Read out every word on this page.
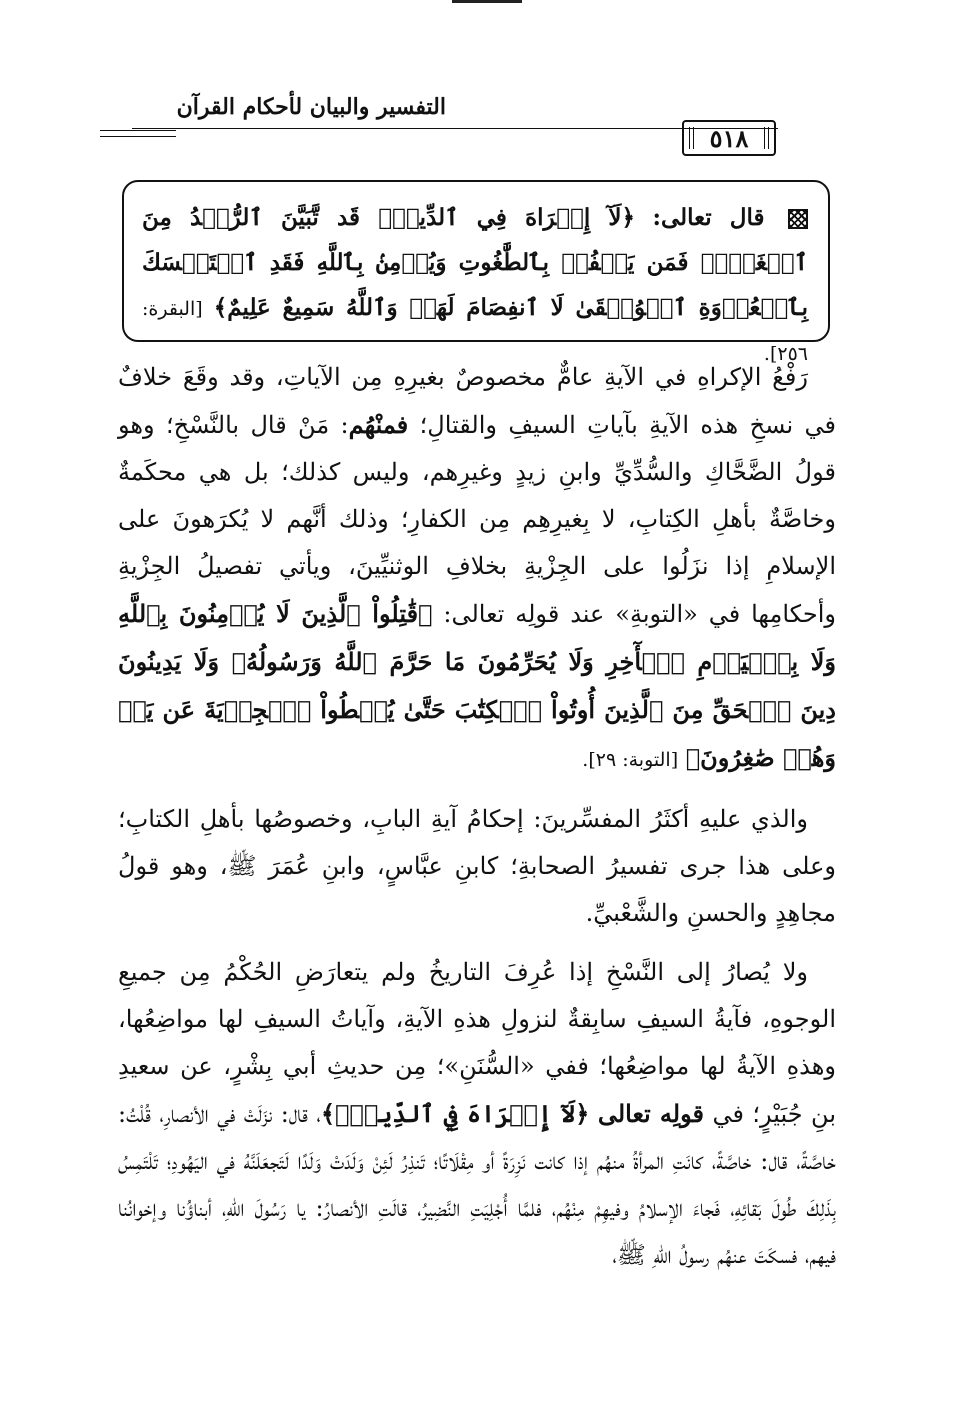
التفسير والبيان لأحكام القرآن
٥١٨
قال تعالى: ﴿لَآ إِكۡرَاهَ فِي ٱلدِّينِۖ قَد تَّبَيَّنَ ٱلرُّشۡدُ مِنَ ٱلۡغَيِّۚ فَمَن يَكۡفُرۡ بِٱلطَّٰغُوتِ وَيُؤۡمِنۢ بِٱللَّهِ فَقَدِ ٱسۡتَمۡسَكَ بِٱلۡعُرۡوَةِ ٱلۡوُثۡقَىٰ لَا ٱنفِصَامَ لَهَاۗ وَٱللَّهُ سَمِيعٌ عَلِيمٌ﴾ [البقرة: ٢٥٦].

رَفْعُ الإكراهِ في الآيةِ عامٌّ مخصوصٌ بغيرِهِ مِن الآياتِ، وقد وقَعَ خلافٌ في نسخِ هذه الآيةِ بآياتِ السيفِ والقتالِ؛ فمنْهُم: مَنْ قال بالنَّسْخِ؛ وهو قولُ الضَّحَّاكِ والسُّدِّيِّ وابنِ زيدٍ وغيرِهم، وليس كذلك؛ بل هي محكَمةٌ وخاصَّةٌ بأهلِ الكِتابِ، لا بِغيرِهِم مِن الكفارِ؛ وذلك أنَّهم لا يُكرَهونَ على الإسلامِ إذا نزَلُوا على الجِزْيةِ بخلافِ الوثنيِّينَ، ويأتي تفصيلُ الجِزْيةِ وأحكامِها في «التوبةِ» عند قولِه تعالى: ﴿قَٰتِلُواْ ٱلَّذِينَ لَا يُؤۡمِنُونَ بِٱللَّهِ وَلَا بِٱلۡيَوۡمِ ٱلۡأٓخِرِ وَلَا يُحَرِّمُونَ مَا حَرَّمَ ٱللَّهُ وَرَسُولُهُۥ وَلَا يَدِينُونَ دِينَ ٱلۡحَقِّ مِنَ ٱلَّذِينَ أُوتُواْ ٱلۡكِتَٰبَ حَتَّىٰ يُعۡطُواْ ٱلۡجِزۡيَةَ عَن يَدٖ وَهُمۡ صَٰغِرُونَ﴾ [التوبة: ٢٩].

والذي عليهِ أكثَرُ المفسِّرينَ: إحكامُ آيةِ البابِ، وخصوصُها بأهلِ الكتابِ؛ وعلى هذا جرى تفسيرُ الصحابةِ؛ كابنِ عبَّاسٍ، وابنِ عُمَرَ ﷺ، وهو قولُ مجاهِدٍ والحسنِ والشَّعْبيِّ.

ولا يُصارُ إلى النَّسْخِ إذا عُرِفَ التاريخُ ولم يتعارَضِ الحُكْمُ مِن جميعِ الوجوهِ، فآيةُ السيفِ سابِقةٌ لنزولِ هذهِ الآيةِ، وآياتُ السيفِ لها مواضِعُها، وهذهِ الآيةُ لها مواضِعُها؛ ففي «السُّنَنِ»؛ مِن حديثِ أبي بِشْرٍ، عن سعيدِ بنِ جُبَيْرٍ؛ في قولِه تعالى ﴿لَآ إِكۡرَاهَ فِي ٱلدِّينِۖ﴾، قال: نزَلَتْ في الأنصارِ، قُلْتُ: خاصَّةً، قال: خاصَّةً، كانَتِ المرأةُ منهُم إذا كانت نَزِرَةً أو مِقْلَاتًا؛ تَنذِرُ لَئِنْ وَلَدَتْ وَلَدًا لَتَجعَلَنَّهُ في اليَهُودِ؛ تَلْتَمِسُ بِذَلِكَ طُولَ بَقائِهِ، فَجاءَ الإسلامُ وفيهِمْ مِنْهُم، فلمَّا أُجْلِيَتِ النَّضِيرُ، قالَتِ الأنصارُ: يا رَسُولَ اللهِ، أبناؤُنا وإخوانُنا فيهم، فسكَتَ عنهُم رسولُ اللهِ ﷺ،
